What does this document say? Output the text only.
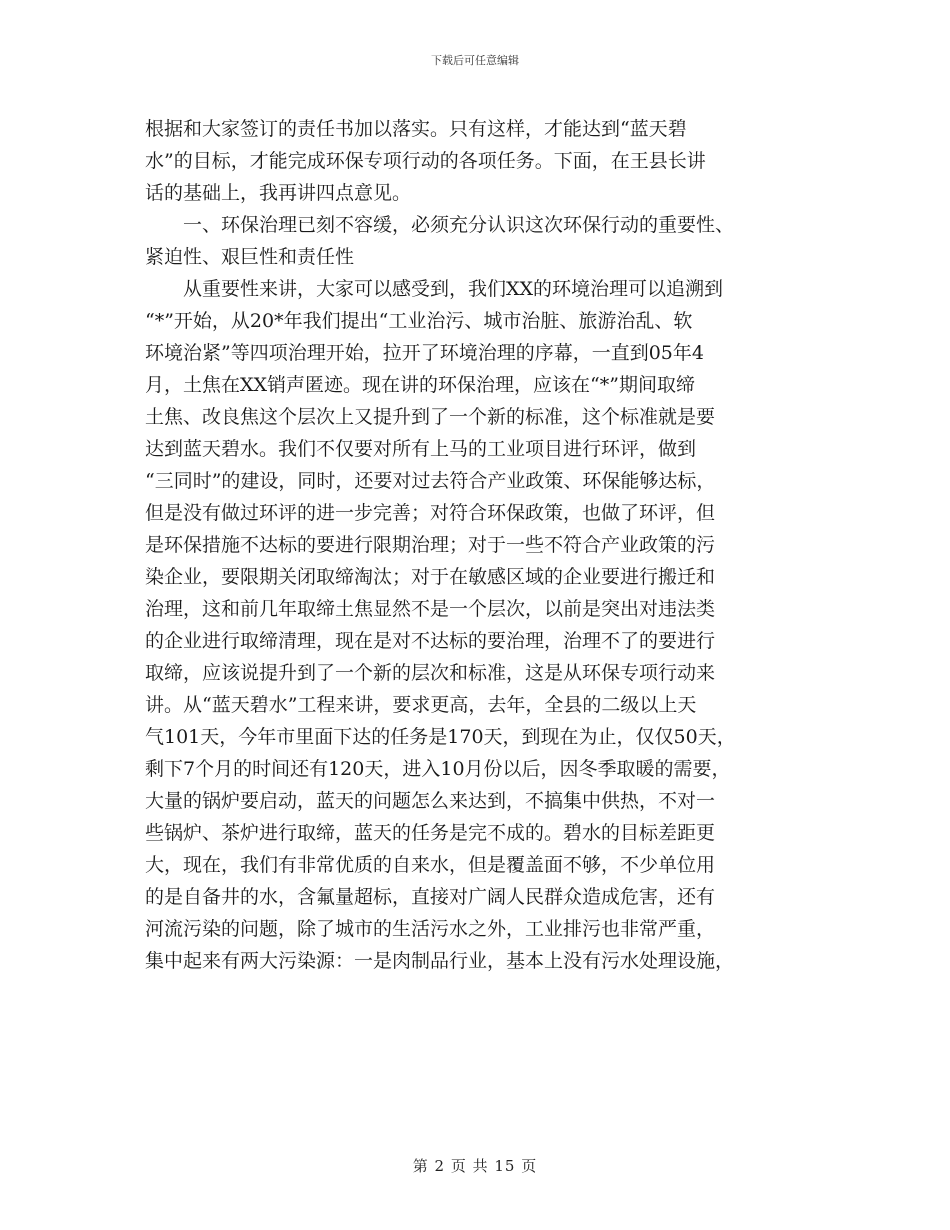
下载后可任意编辑
根据和大家签订的责任书加以落实。只有这样，才能达到“蓝天碧
水”的目标，才能完成环保专项行动的各项任务。下面，在王县长讲
话的基础上，我再讲四点意见。
　　一、环保治理已刻不容缓，必须充分认识这次环保行动的重要性、
紧迫性、艰巨性和责任性
　　从重要性来讲，大家可以感受到，我们XX的环境治理可以追溯到
“*”开始，从20*年我们提出“工业治污、城市治脏、旅游治乱、软
环境治紧”等四项治理开始，拉开了环境治理的序幕，一直到05年4
月，土焦在XX销声匿迹。现在讲的环保治理，应该在“*”期间取缔
土焦、改良焦这个层次上又提升到了一个新的标准，这个标准就是要
达到蓝天碧水。我们不仅要对所有上马的工业项目进行环评，做到
“三同时”的建设，同时，还要对过去符合产业政策、环保能够达标，
但是没有做过环评的进一步完善；对符合环保政策，也做了环评，但
是环保措施不达标的要进行限期治理；对于一些不符合产业政策的污
染企业，要限期关闭取缔淘汰；对于在敏感区域的企业要进行搬迁和
治理，这和前几年取缔土焦显然不是一个层次，以前是突出对违法类
的企业进行取缔清理，现在是对不达标的要治理，治理不了的要进行
取缔，应该说提升到了一个新的层次和标准，这是从环保专项行动来
讲。从“蓝天碧水”工程来讲，要求更高，去年，全县的二级以上天
气101天，今年市里面下达的任务是170天，到现在为止，仅仅50天，
剩下7个月的时间还有120天，进入10月份以后，因冬季取暖的需要，
大量的锅炉要启动，蓝天的问题怎么来达到，不搞集中供热，不对一
些锅炉、茶炉进行取缔，蓝天的任务是完不成的。碧水的目标差距更
大，现在，我们有非常优质的自来水，但是覆盖面不够，不少单位用
的是自备井的水，含氟量超标，直接对广阔人民群众造成危害，还有
河流污染的问题，除了城市的生活污水之外，工业排污也非常严重，
集中起来有两大污染源：一是肉制品行业，基本上没有污水处理设施，
第 2 页 共 15 页
